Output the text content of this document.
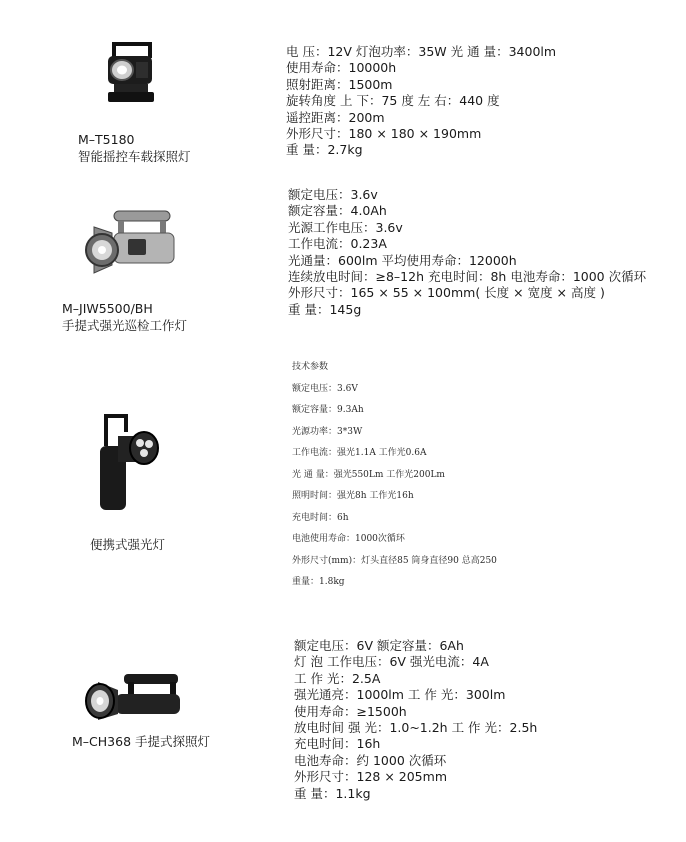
M–T5180
智能摇控车载探照灯
电 压：12V 灯泡功率：35W 光 通 量：3400lm
使用寿命：10000h
照射距离：1500m
旋转角度 上 下：75 度 左 右：440 度
遥控距离：200m
外形尺寸：180 × 180 × 190mm
重 量：2.7kg
M–JIW5500/BH
手提式强光巡检工作灯
额定电压：3.6v
额定容量：4.0Ah
光源工作电压：3.6v
工作电流：0.23A
光通量：600lm 平均使用寿命：12000h
连续放电时间：≥8–12h 充电时间：8h 电池寿命：1000 次循环
外形尺寸：165 × 55 × 100mm( 长度 × 宽度 × 高度 )
重 量：145g
便携式强光灯
技术参数
额定电压：3.6V
额定容量：9.3Ah
光源功率：3*3W
工作电流：强光1.1A 工作光0.6A
光 通 量：强光550Lm 工作光200Lm
照明时间：强光8h 工作光16h
充电时间：6h
电池使用寿命：1000次循环
外形尺寸(mm)：灯头直径85 筒身直径90 总高250
重量：1.8kg
M–CH368 手提式探照灯
额定电压：6V 额定容量：6Ah
灯 泡 工作电压：6V 强光电流：4A
工 作 光：2.5A
强光通亮：1000lm 工 作 光：300lm
使用寿命：≥1500h
放电时间 强 光：1.0~1.2h 工 作 光：2.5h
充电时间：16h
电池寿命：约 1000 次循环
外形尺寸：128 × 205mm
重 量：1.1kg
